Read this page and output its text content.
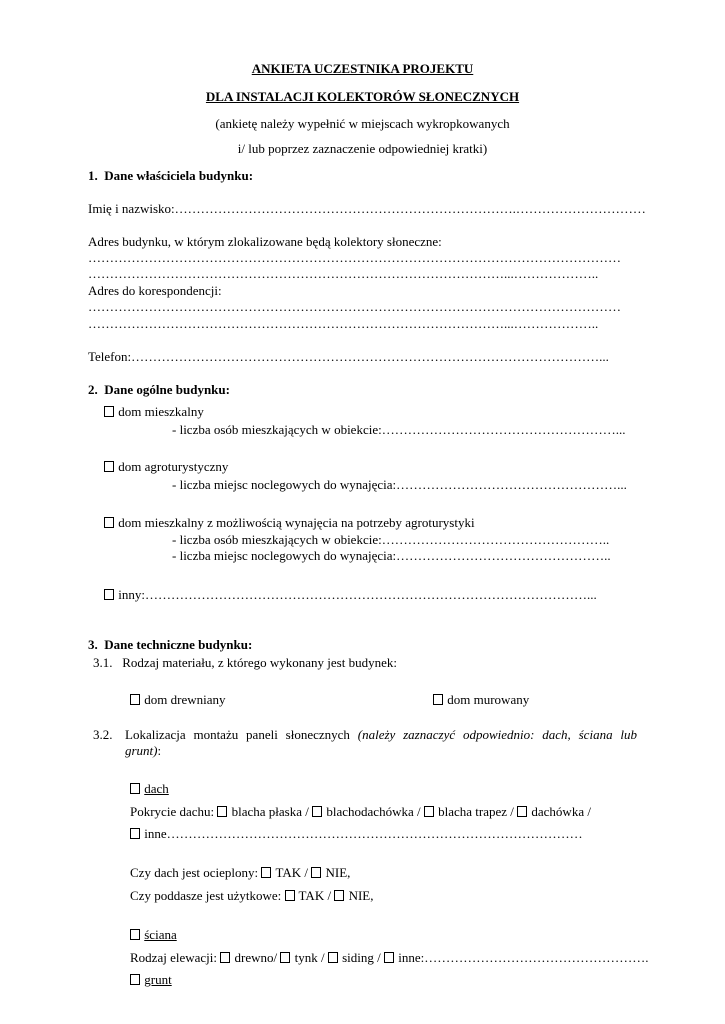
ANKIETA UCZESTNIKA PROJEKTU
DLA INSTALACJI KOLEKTORÓW SŁONECZNYCH
(ankietę należy wypełnić w miejscach wykropkowanych
i/ lub poprzez zaznaczenie odpowiedniej kratki)
1.  Dane właściciela budynku:
Imię i nazwisko:…………………………………………………………………….…………………………
Adres budynku, w którym zlokalizowane będą kolektory słoneczne:
……………………………………………………………………………………………………………
……………………………………………………………………………………...………………..
Adres do korespondencji:
……………………………………………………………………………………………………………
……………………………………………………………………………………...………………..
Telefon:………………………………………………………………………………………………...
2.  Dane ogólne budynku:
dom mieszkalny
- liczba osób mieszkających w obiekcie:………………………………………………...
dom agroturystyczny
- liczba miejsc noclegowych do wynajęcia:……………………………………………...
dom mieszkalny z możliwością wynajęcia na potrzeby agroturystyki
- liczba osób mieszkających w obiekcie:……………………………………………..
- liczba miejsc noclegowych do wynajęcia:…………………………………………..
inny:…………………………………………………………………………………………...
3.  Dane techniczne budynku:
3.1.   Rodzaj materiału, z którego wykonany jest budynek:
dom drewniany	dom murowany
3.2. Lokalizacja montażu paneli słonecznych (należy zaznaczyć odpowiednio: dach, ściana lub
grunt):
dach
Pokrycie dachu: blacha płaska / blachodachówka / blacha trapez / dachówka /
inne……………………………………………………………………………………
Czy dach jest ocieplony: TAK / NIE,
Czy poddasze jest użytkowe: TAK / NIE,
ściana
Rodzaj elewacji: drewno/ tynk / siding / inne:…………………………………………….
grunt
